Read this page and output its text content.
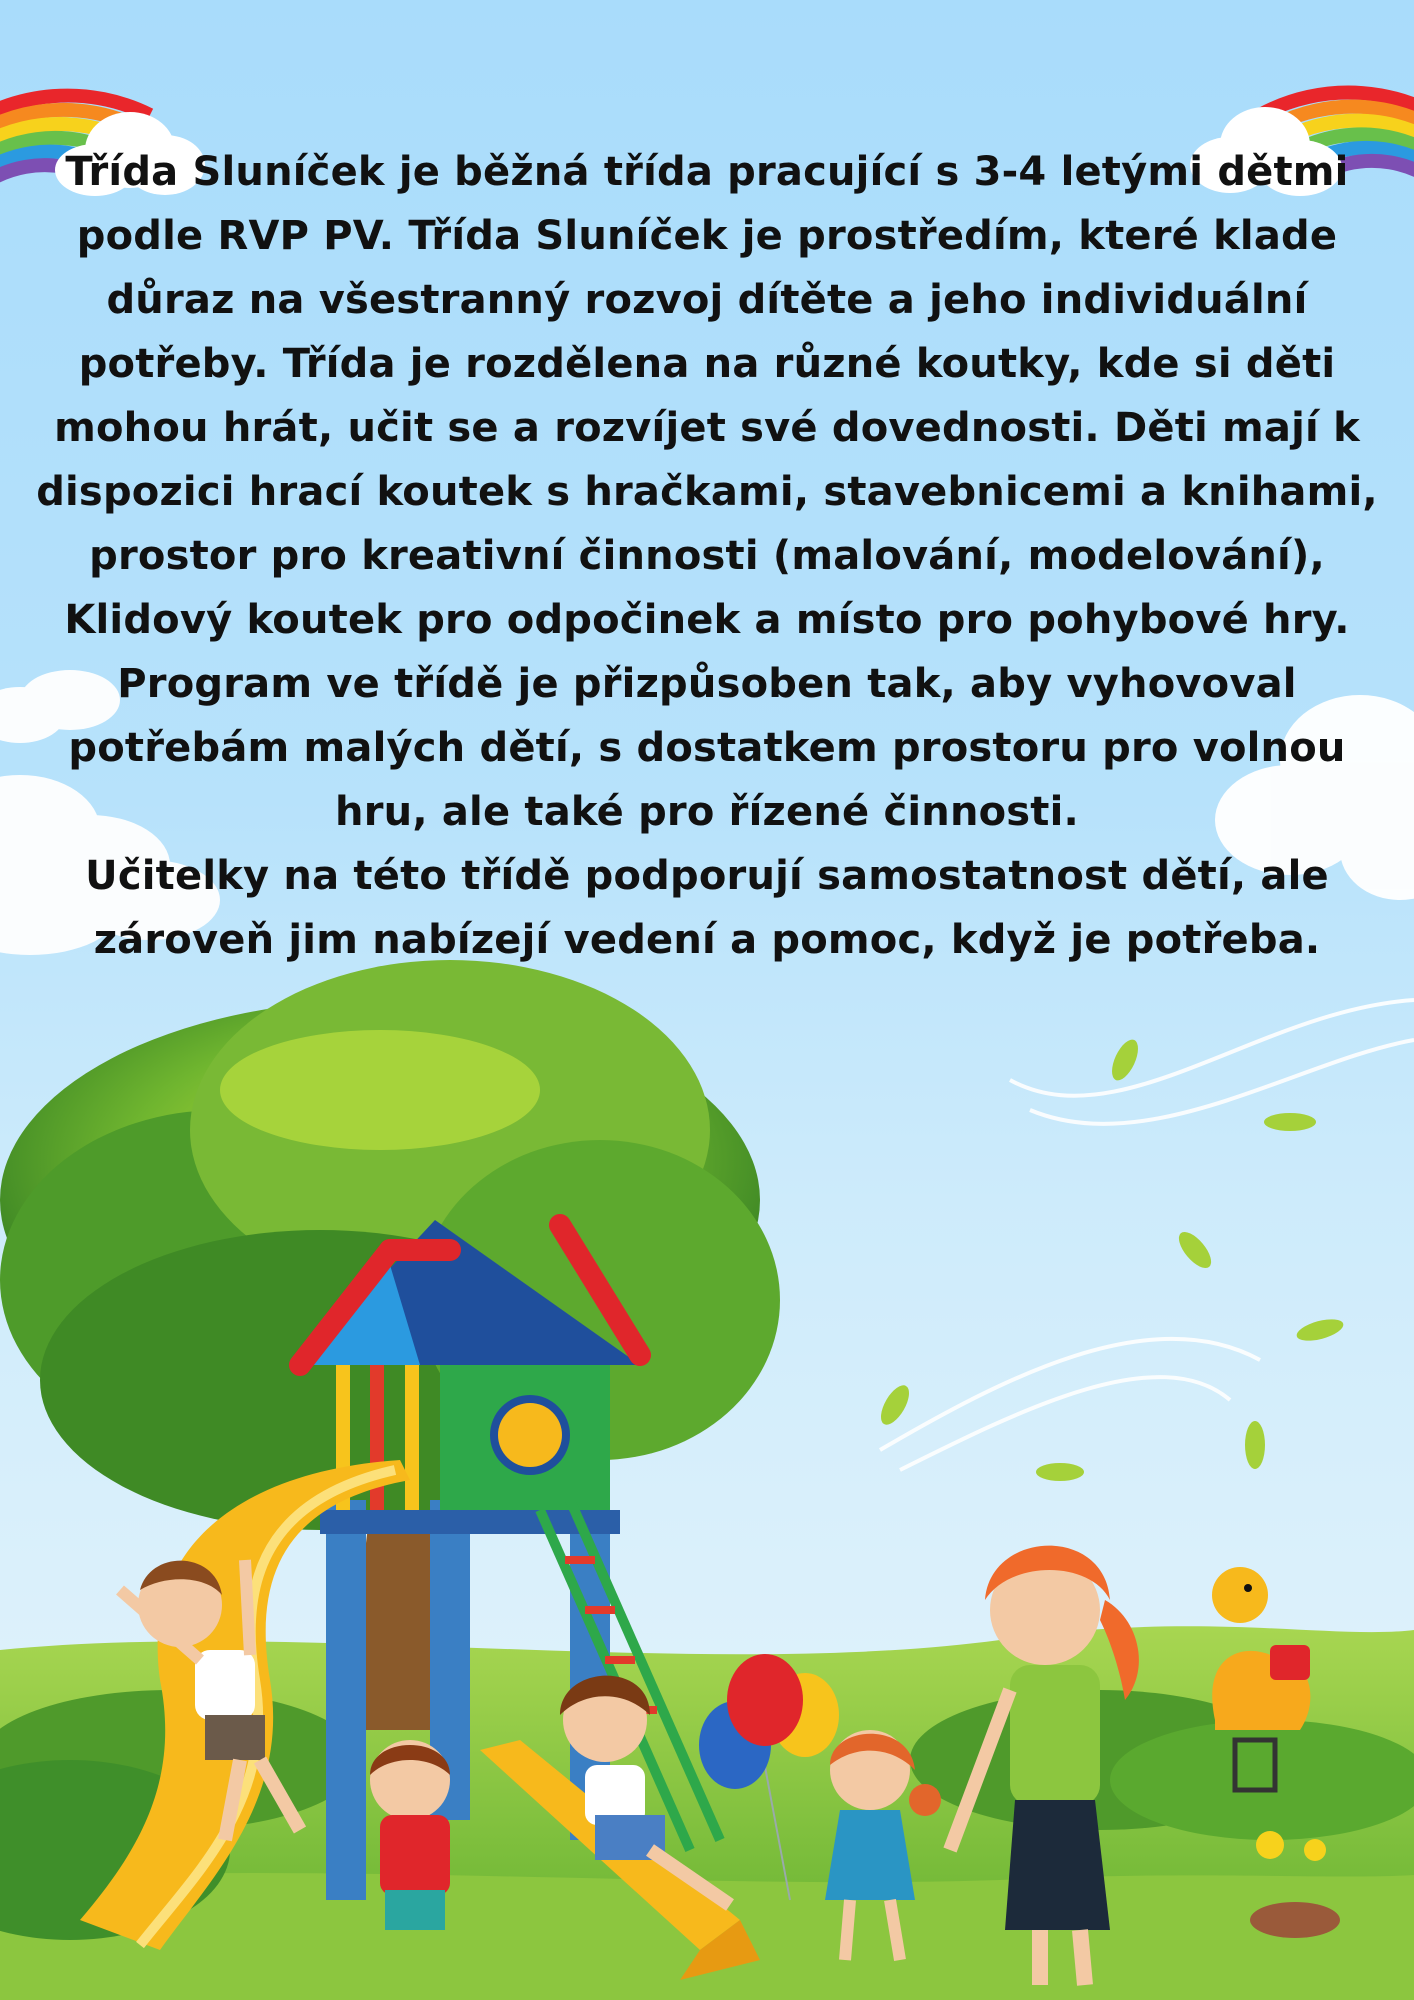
Třída Sluníček je běžná třída pracující s 3-4 letými dětmi podle RVP PV. Třída Sluníček je prostředím, které klade důraz na všestranný rozvoj dítěte a jeho individuální potřeby. Třída je rozdělena na různé koutky, kde si děti mohou hrát, učit se a rozvíjet své dovednosti. Děti mají k dispozici hrací koutek s hračkami, stavebnicemi a knihami, prostor pro kreativní činnosti (malování, modelování),

Klidový koutek pro odpočinek a místo pro pohybové hry. Program ve třídě je přizpůsoben tak, aby vyhovoval potřebám malých dětí, s dostatkem prostoru pro volnou hru, ale také pro řízené činnosti.

Učitelky na této třídě podporují samostatnost dětí, ale zároveň jim nabízejí vedení a pomoc, když je potřeba.
